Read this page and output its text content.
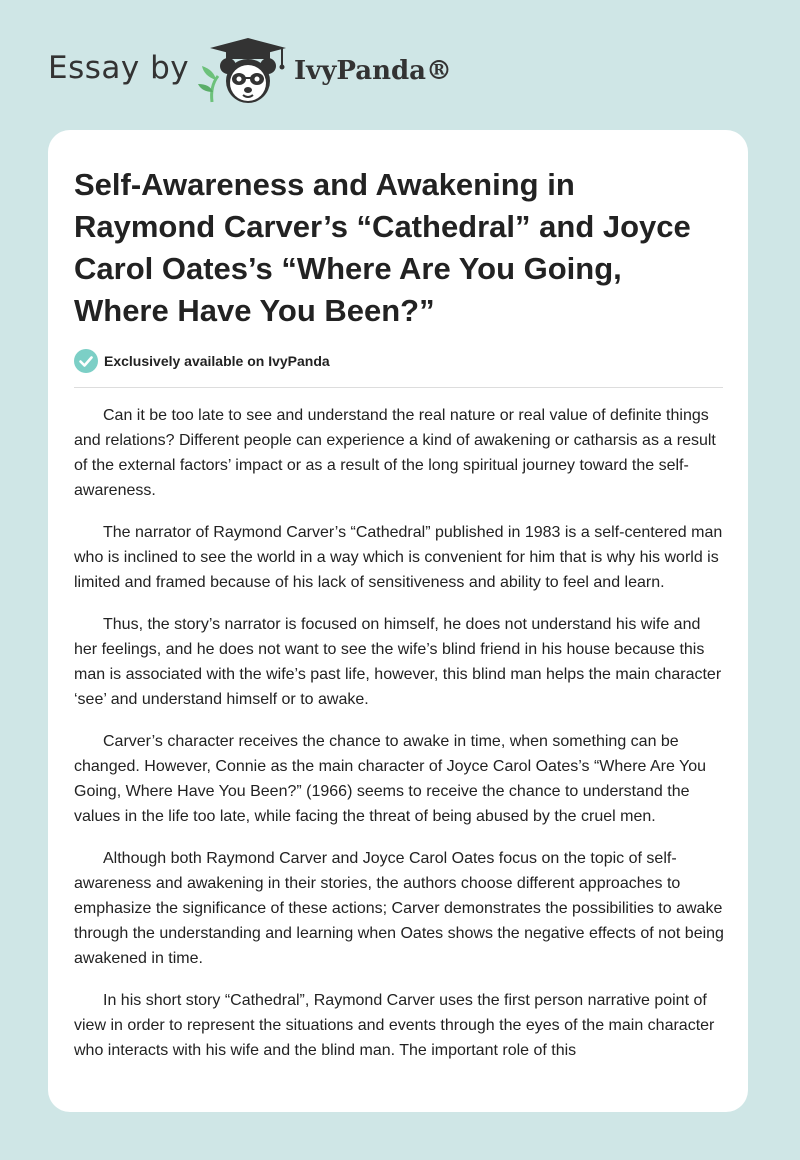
Essay by	IvyPanda®
Self-Awareness and Awakening in Raymond Carver’s “Cathedral” and Joyce Carol Oates’s “Where Are You Going, Where Have You Been?”
Exclusively available on IvyPanda

Can it be too late to see and understand the real nature or real value of definite things and relations? Different people can experience a kind of awakening or catharsis as a result of the external factors’ impact or as a result of the long spiritual journey toward the self-awareness.

The narrator of Raymond Carver’s “Cathedral” published in 1983 is a self-centered man who is inclined to see the world in a way which is convenient for him that is why his world is limited and framed because of his lack of sensitiveness and ability to feel and learn.

Thus, the story’s narrator is focused on himself, he does not understand his wife and her feelings, and he does not want to see the wife’s blind friend in his house because this man is associated with the wife’s past life, however, this blind man helps the main character ‘see’ and understand himself or to awake.

Carver’s character receives the chance to awake in time, when something can be changed. However, Connie as the main character of Joyce Carol Oates’s “Where Are You Going, Where Have You Been?” (1966) seems to receive the chance to understand the values in the life too late, while facing the threat of being abused by the cruel men.

Although both Raymond Carver and Joyce Carol Oates focus on the topic of self-awareness and awakening in their stories, the authors choose different approaches to emphasize the significance of these actions; Carver demonstrates the possibilities to awake through the understanding and learning when Oates shows the negative effects of not being awakened in time.

In his short story “Cathedral”, Raymond Carver uses the first person narrative point of view in order to represent the situations and events through the eyes of the main character who interacts with his wife and the blind man. The important role of this
